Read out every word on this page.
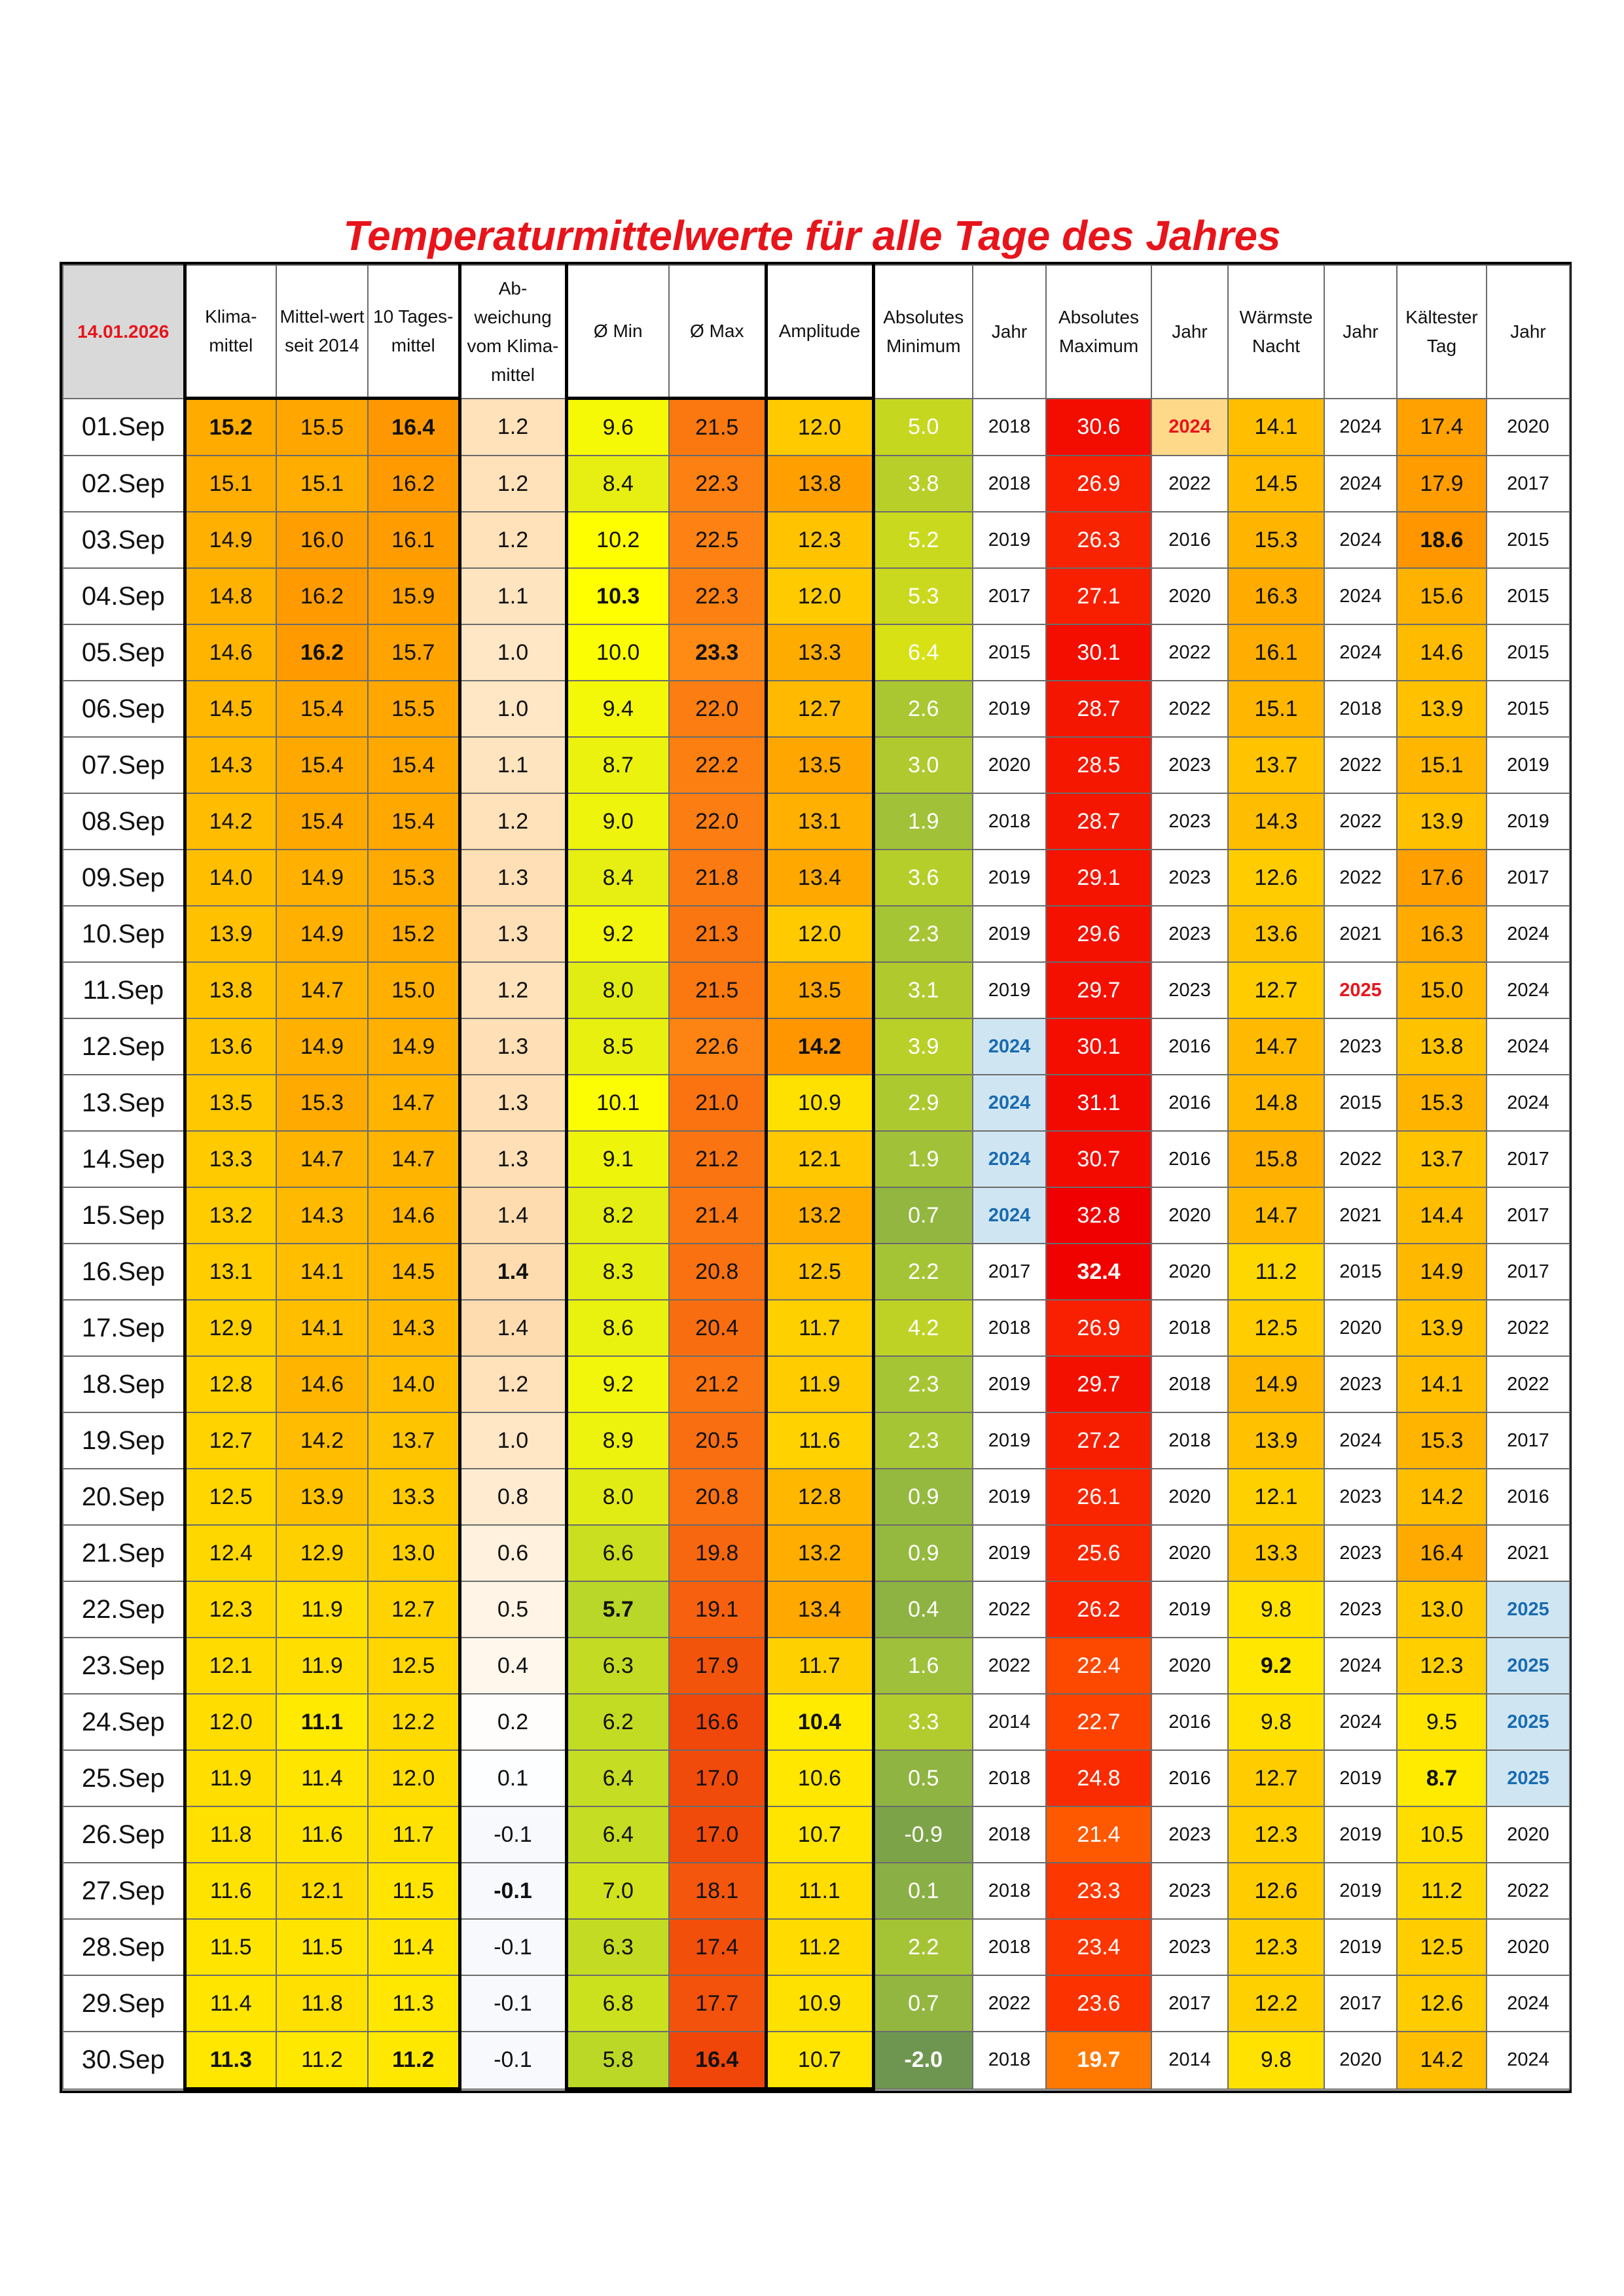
Temperaturmittelwerte für alle Tage des Jahres
14.01.2026	Klima-mittel	Mittel-wert seit 2014	10 Tages-mittel	Ab-weichung vom Klima-mittel	Ø Min	Ø Max	Amplitude	Absolutes Minimum	Jahr	Absolutes Maximum	Jahr	Wärmste Nacht	Jahr	Kältester Tag	Jahr
01.Sep	15.2	15.5	16.4	1.2	9.6	21.5	12.0	5.0	2018	30.6	2024	14.1	2024	17.4	2020
02.Sep	15.1	15.1	16.2	1.2	8.4	22.3	13.8	3.8	2018	26.9	2022	14.5	2024	17.9	2017
03.Sep	14.9	16.0	16.1	1.2	10.2	22.5	12.3	5.2	2019	26.3	2016	15.3	2024	18.6	2015
04.Sep	14.8	16.2	15.9	1.1	10.3	22.3	12.0	5.3	2017	27.1	2020	16.3	2024	15.6	2015
05.Sep	14.6	16.2	15.7	1.0	10.0	23.3	13.3	6.4	2015	30.1	2022	16.1	2024	14.6	2015
06.Sep	14.5	15.4	15.5	1.0	9.4	22.0	12.7	2.6	2019	28.7	2022	15.1	2018	13.9	2015
07.Sep	14.3	15.4	15.4	1.1	8.7	22.2	13.5	3.0	2020	28.5	2023	13.7	2022	15.1	2019
08.Sep	14.2	15.4	15.4	1.2	9.0	22.0	13.1	1.9	2018	28.7	2023	14.3	2022	13.9	2019
09.Sep	14.0	14.9	15.3	1.3	8.4	21.8	13.4	3.6	2019	29.1	2023	12.6	2022	17.6	2017
10.Sep	13.9	14.9	15.2	1.3	9.2	21.3	12.0	2.3	2019	29.6	2023	13.6	2021	16.3	2024
11.Sep	13.8	14.7	15.0	1.2	8.0	21.5	13.5	3.1	2019	29.7	2023	12.7	2025	15.0	2024
12.Sep	13.6	14.9	14.9	1.3	8.5	22.6	14.2	3.9	2024	30.1	2016	14.7	2023	13.8	2024
13.Sep	13.5	15.3	14.7	1.3	10.1	21.0	10.9	2.9	2024	31.1	2016	14.8	2015	15.3	2024
14.Sep	13.3	14.7	14.7	1.3	9.1	21.2	12.1	1.9	2024	30.7	2016	15.8	2022	13.7	2017
15.Sep	13.2	14.3	14.6	1.4	8.2	21.4	13.2	0.7	2024	32.8	2020	14.7	2021	14.4	2017
16.Sep	13.1	14.1	14.5	1.4	8.3	20.8	12.5	2.2	2017	32.4	2020	11.2	2015	14.9	2017
17.Sep	12.9	14.1	14.3	1.4	8.6	20.4	11.7	4.2	2018	26.9	2018	12.5	2020	13.9	2022
18.Sep	12.8	14.6	14.0	1.2	9.2	21.2	11.9	2.3	2019	29.7	2018	14.9	2023	14.1	2022
19.Sep	12.7	14.2	13.7	1.0	8.9	20.5	11.6	2.3	2019	27.2	2018	13.9	2024	15.3	2017
20.Sep	12.5	13.9	13.3	0.8	8.0	20.8	12.8	0.9	2019	26.1	2020	12.1	2023	14.2	2016
21.Sep	12.4	12.9	13.0	0.6	6.6	19.8	13.2	0.9	2019	25.6	2020	13.3	2023	16.4	2021
22.Sep	12.3	11.9	12.7	0.5	5.7	19.1	13.4	0.4	2022	26.2	2019	9.8	2023	13.0	2025
23.Sep	12.1	11.9	12.5	0.4	6.3	17.9	11.7	1.6	2022	22.4	2020	9.2	2024	12.3	2025
24.Sep	12.0	11.1	12.2	0.2	6.2	16.6	10.4	3.3	2014	22.7	2016	9.8	2024	9.5	2025
25.Sep	11.9	11.4	12.0	0.1	6.4	17.0	10.6	0.5	2018	24.8	2016	12.7	2019	8.7	2025
26.Sep	11.8	11.6	11.7	-0.1	6.4	17.0	10.7	-0.9	2018	21.4	2023	12.3	2019	10.5	2020
27.Sep	11.6	12.1	11.5	-0.1	7.0	18.1	11.1	0.1	2018	23.3	2023	12.6	2019	11.2	2022
28.Sep	11.5	11.5	11.4	-0.1	6.3	17.4	11.2	2.2	2018	23.4	2023	12.3	2019	12.5	2020
29.Sep	11.4	11.8	11.3	-0.1	6.8	17.7	10.9	0.7	2022	23.6	2017	12.2	2017	12.6	2024
30.Sep	11.3	11.2	11.2	-0.1	5.8	16.4	10.7	-2.0	2018	19.7	2014	9.8	2020	14.2	2024
